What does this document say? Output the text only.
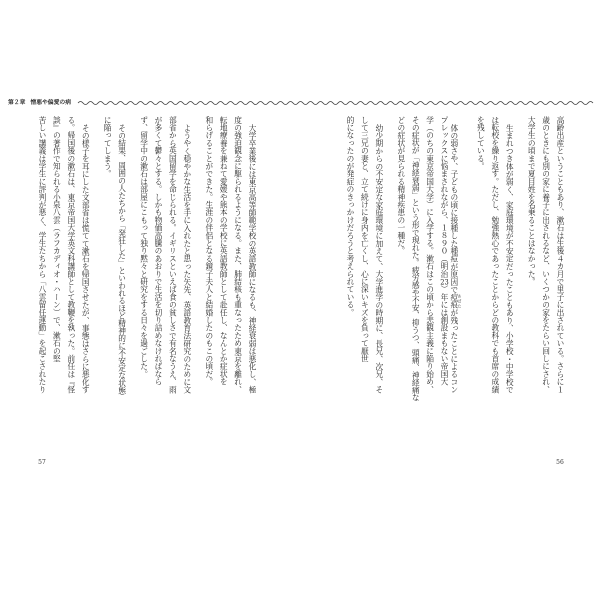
第２章 憎悪や偏愛の病
高齢出産ということもあり、漱石は生後４カ月で里子に出されている。さらに１
歳のときにも別の家に養子に出されるなど、いくつかの家をたらい回しにされ、
大学生の頃まで夏目姓を名乗ることはなかった。
生まれつき体が弱く、家庭環境が不安定だったこともあり、小学校・中学校で
は転校を繰り返す。ただし、勉強熱心であったことからどの教科でも首席の成績
を残している。
体の弱さや、子どもの頃に接種した種痘が原因で痘痕 あばたが残ったことによるコン
プレックスに悩まされながら、１８９０（明治23）年には創設まもない帝国大
学（のちの東京帝国大学）に入学する。漱石はこの頃から悲観主義に陥り始め、
その症状が「神経衰弱」という形で現れた。疲労感や不安、抑うつ、頭痛、神経痛な
どの症状が見られる精神疾患の一種だ。
幼少期からの不安定な家庭環境に加えて、大学進学の時期に、長兄、次兄、そ
して三兄の妻と、立て続けに身内を亡くし、心に深いキズを負って厭世
的になったのが発症のきっかけだろうと考えられている。
56
大学卒業後には東京高等師範学校の英語教師になるも、神経衰弱は悪化し、極
度の強迫観念に駆られるようになる。また、肺結核も重なったため東京を離れ、
転地療養を兼ねて愛媛や熊本の学校に英語教師として赴任し、なんとか症状を
和らげることができた。生涯の伴侶となる鏡子夫人と結婚したのもこの頃だ。
ようやく穏やかな生活を手に入れたと思った矢先、英語教育法研究のために文
部省から英国留学を命じられる。イギリスといえば食の貧しさで有名なうえ、雨
が多くて鬱々とする。しかも物価高騰のあおりで生活を切り詰めなければなら
ず、留学中の漱石は部屋にこもって独り黙々と研究をする日々を過ごした。
その結果、周囲の人たちから「発狂した」といわれるほど精神的に不安定な状態
に陥ってしまう。
その様子を耳にした文部省は慌てて漱石を帰国させたが、事態はさらに悪化す
る。帰国後の漱石は、東京帝国大学英文科講師として教鞭を執った。前任は『怪
談』の著作で知られる小泉八雲（ラフカディオ・ハーン）で、漱石の堅
苦しい講義は学生に評判が悪く、学生たちから「八雲留任運動」を起こされたり
57
